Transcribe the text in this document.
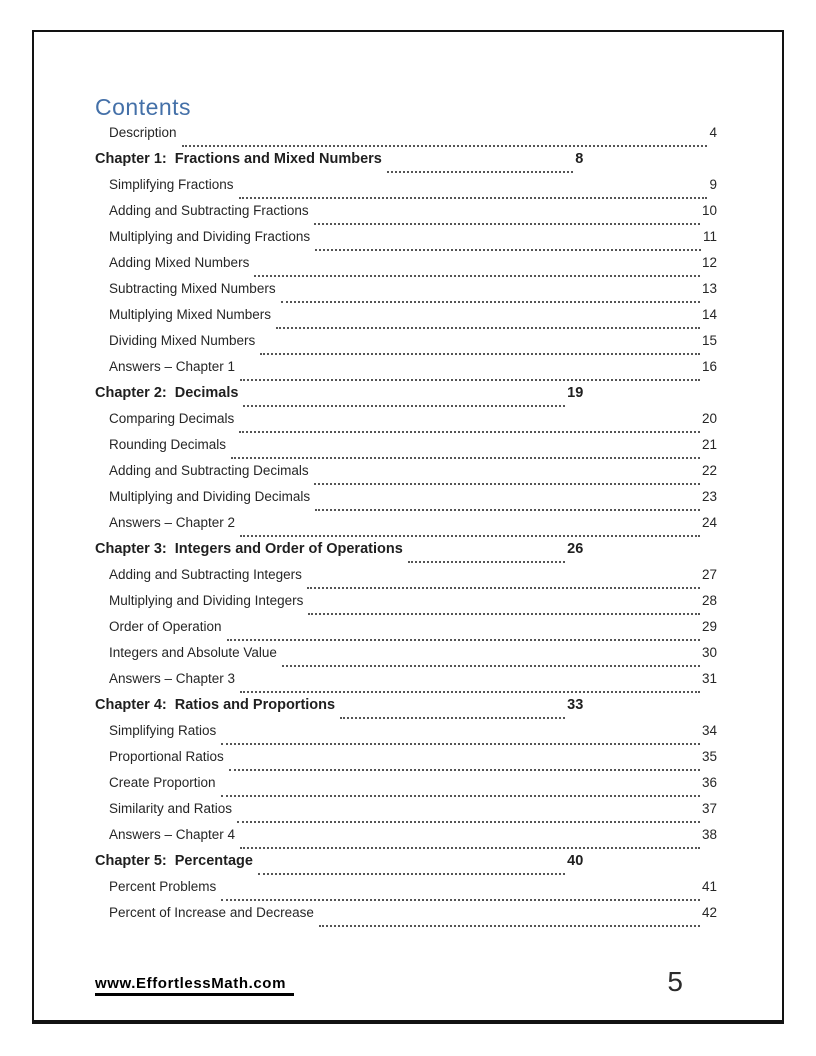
Contents
Description	4
Chapter 1:  Fractions and Mixed Numbers	8
Simplifying Fractions	9
Adding and Subtracting Fractions	10
Multiplying and Dividing Fractions	11
Adding Mixed Numbers	12
Subtracting Mixed Numbers	13
Multiplying Mixed Numbers	14
Dividing Mixed Numbers	15
Answers – Chapter 1	16
Chapter 2:  Decimals	19
Comparing Decimals	20
Rounding Decimals	21
Adding and Subtracting Decimals	22
Multiplying and Dividing Decimals	23
Answers – Chapter 2	24
Chapter 3:  Integers and Order of Operations	26
Adding and Subtracting Integers	27
Multiplying and Dividing Integers	28
Order of Operation	29
Integers and Absolute Value	30
Answers – Chapter 3	31
Chapter 4:  Ratios and Proportions	33
Simplifying Ratios	34
Proportional Ratios	35
Create Proportion	36
Similarity and Ratios	37
Answers – Chapter 4	38
Chapter 5:  Percentage	40
Percent Problems	41
Percent of Increase and Decrease	42
www.EffortlessMath.com	5
